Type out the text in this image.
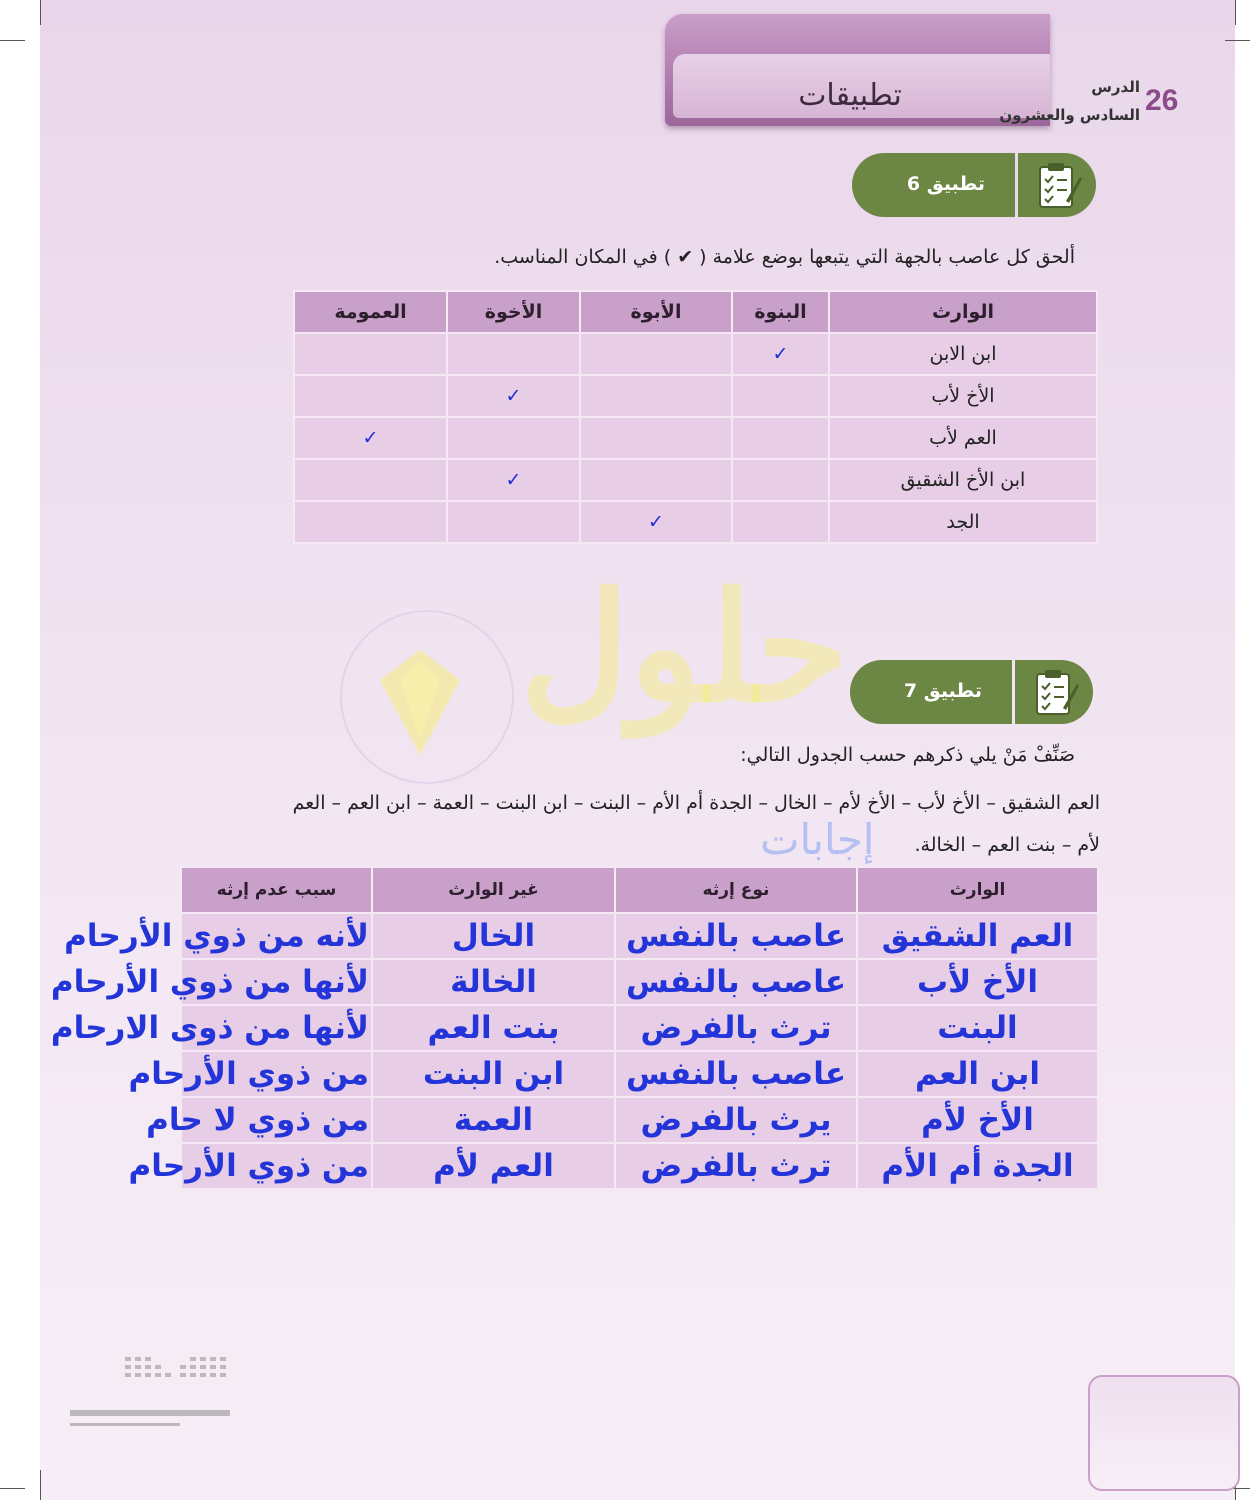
تطبيقات	26
الدرس
السادس والعشرون
تطبيق 6
ألحق كل عاصب بالجهة التي يتبعها بوضع علامة ( ✔ ) في المكان المناسب.
الوارث	البنوة	الأبوة	الأخوة	العمومة
ابن الابن	✓			
الأخ لأب			✓	
العم لأب				✓
ابن الأخ الشقيق			✓	
الجد		✓		
حلول
إجابات
تطبيق 7
صَنِّفْ مَنْ يلي ذكرهم حسب الجدول التالي:
العم الشقيق – الأخ لأب – الأخ لأم – الخال – الجدة أم الأم – البنت – ابن البنت – العمة – ابن العم – العم
لأم – بنت العم – الخالة.
الوارث	نوع إرثه	غير الوارث	سبب عدم إرثه
العم الشقيق	عاصب بالنفس	الخال	لأنه من ذوي الأرحام
الأخ لأب	عاصب بالنفس	الخالة	لأنها من ذوي الأرحام
البنت	ترث بالفرض	بنت العم	لأنها من ذوى الارحام
ابن العم	عاصب بالنفس	ابن البنت	من ذوي الأرحام
الأخ لأم	يرث بالفرض	العمة	من ذوي لا حام
الجدة أم الأم	ترث بالفرض	العم لأم	من ذوي الأرحام
